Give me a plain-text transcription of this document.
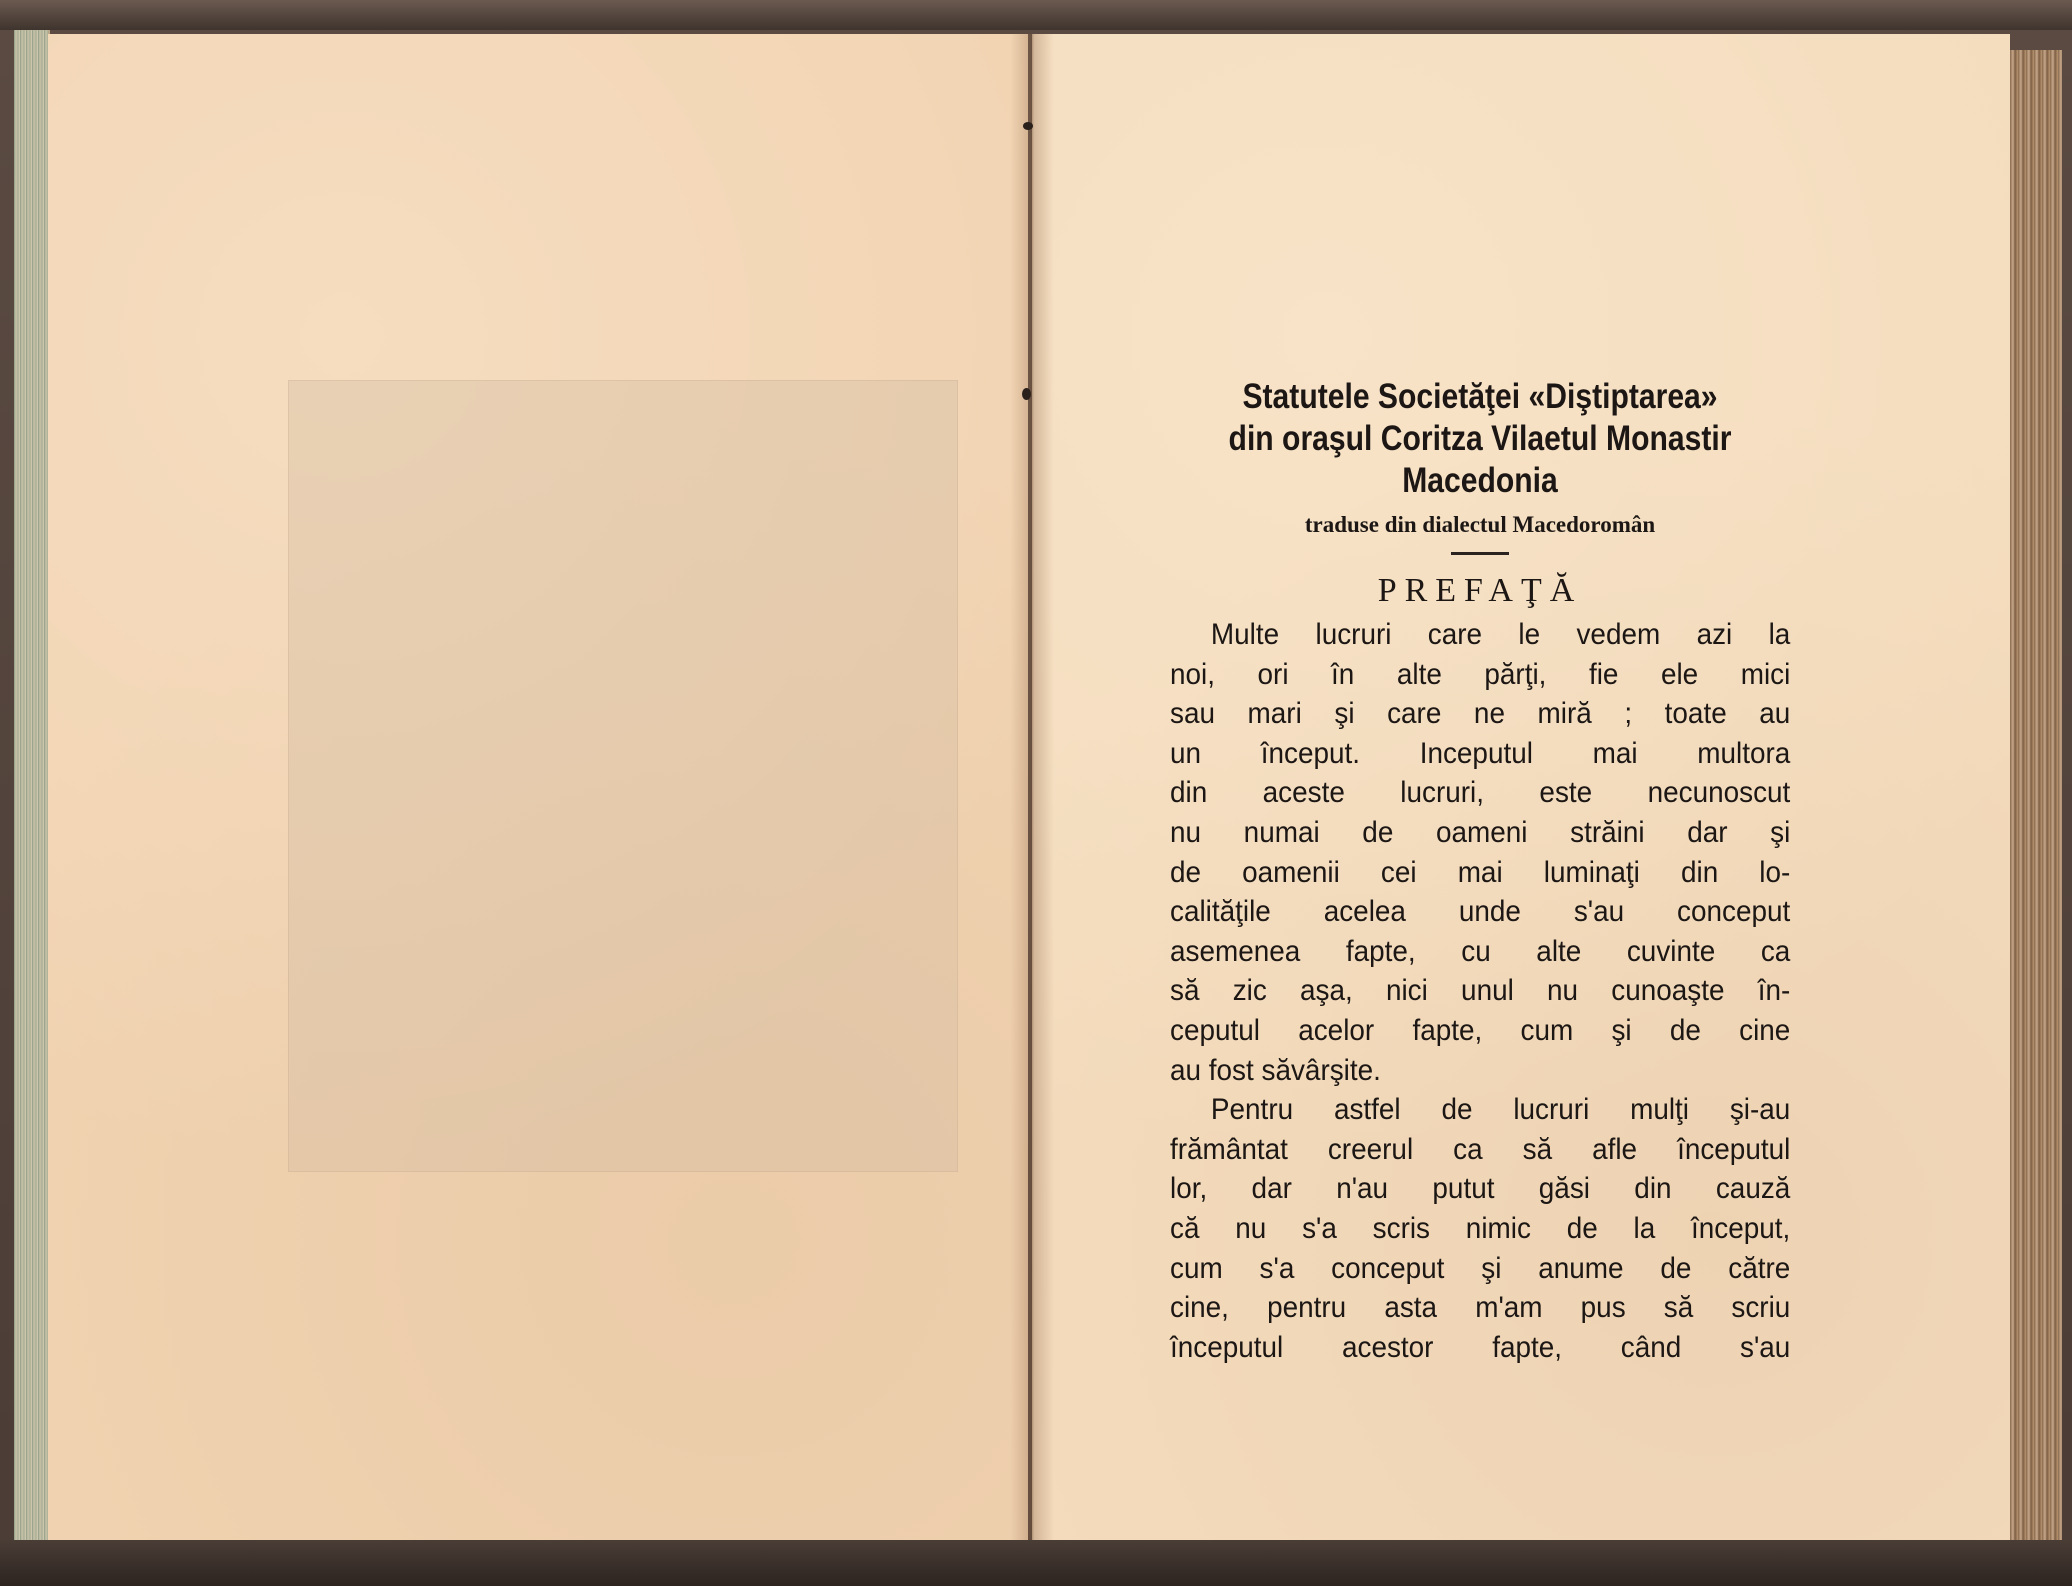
Statutele Societăţei «Diştiptarea»
din oraşul Coritza Vilaetul Monastir
Macedonia
traduse din dialectul Macedoromân
PREFAŢĂ
Multe lucruri care le vedem azi la
noi, ori în alte părţi, fie ele mici
sau mari şi care ne miră ; toate au
un început. Inceputul mai multora
din aceste lucruri, este necunoscut
nu numai de oameni străini dar şi
de oamenii cei mai luminaţi din lo-
calităţile acelea unde s'au conceput
asemenea fapte, cu alte cuvinte ca
să zic aşa, nici unul nu cunoaşte în-
ceputul acelor fapte, cum şi de cine
au fost săvârşite.
Pentru astfel de lucruri mulţi şi-au
frământat creerul ca să afle începutul
lor, dar n'au putut găsi din cauză
că nu s'a scris nimic de la început,
cum s'a conceput şi anume de către
cine, pentru asta m'am pus să scriu
începutul acestor fapte, când s'au
